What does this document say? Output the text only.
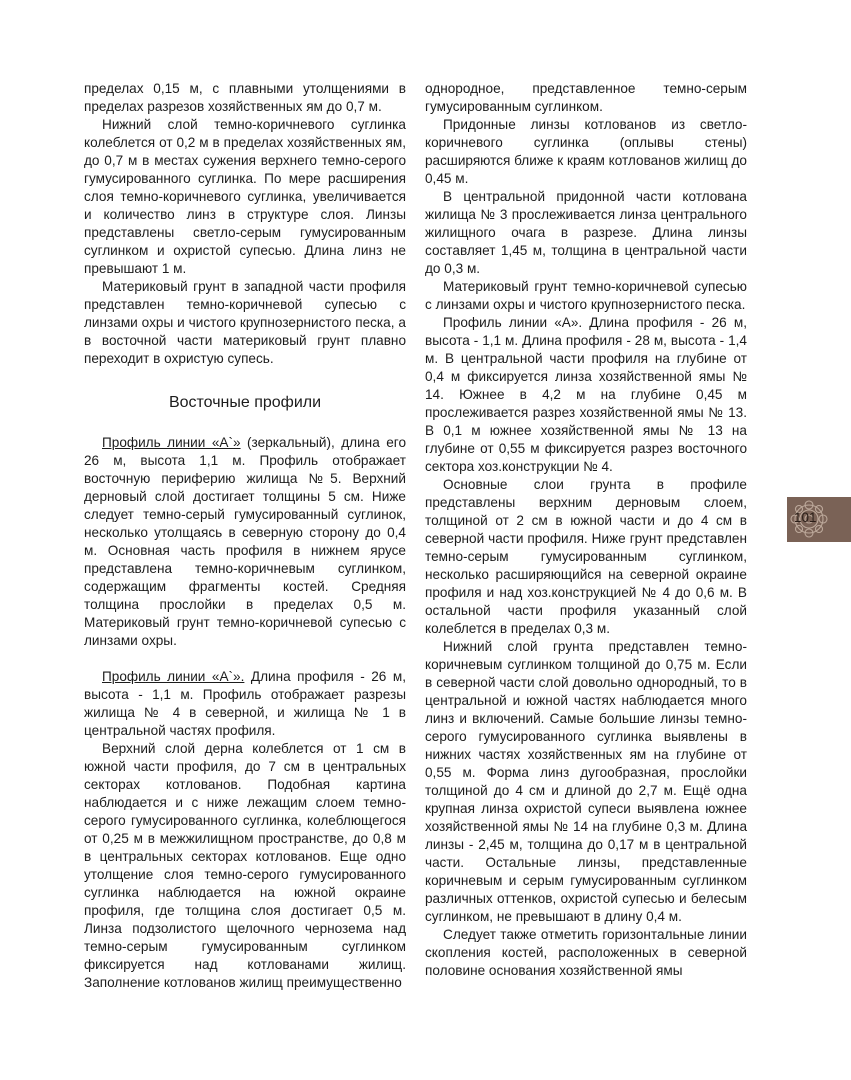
пределах 0,15 м, с плавными утолщениями в пределах разрезов хозяйственных ям до 0,7 м.

Нижний слой темно-коричневого суглинка колеблется от 0,2 м в пределах хозяйственных ям, до 0,7 м в местах сужения верхнего темно-серого гумусированного суглинка. По мере расширения слоя темно-коричневого суглинка, увеличивается и количество линз в структуре слоя. Линзы представлены светло-серым гумусированным суглинком и охристой супесью. Длина линз не превышают 1 м.

Материковый грунт в западной части профиля представлен темно-коричневой супесью с линзами охры и чистого крупнозернистого песка, а в восточной части материковый грунт плавно переходит в охристую супесь.

Восточные профили

Профиль линии «А`» (зеркальный), длина его 26 м, высота 1,1 м. Профиль отображает восточную периферию жилища №5. Верхний дерновый слой достигает толщины 5 см. Ниже следует темно-серый гумусированный суглинок, несколько утолщаясь в северную сторону до 0,4 м. Основная часть профиля в нижнем ярусе представлена темно-коричневым суглинком, содержащим фрагменты костей. Средняя толщина прослойки в пределах 0,5 м. Материковый грунт темно-коричневой супесью с линзами охры.

Профиль линии «А`». Длина профиля - 26 м, высота - 1,1 м. Профиль отображает разрезы жилища № 4 в северной, и жилища № 1 в центральной частях профиля.

Верхний слой дерна колеблется от 1 см в южной части профиля, до 7 см в центральных секторах котлованов. Подобная картина наблюдается и с ниже лежащим слоем темно-серого гумусированного суглинка, колеблющегося от 0,25 м в межжилищном пространстве, до 0,8 м в центральных секторах котлованов. Еще одно утолщение слоя темно-серого гумусированного суглинка наблюдается на южной окраине профиля, где толщина слоя достигает 0,5 м. Линза подзолистого щелочного чернозема над темно-серым гумусированным суглинком фиксируется над котлованами жилищ. Заполнение котлованов жилищ преимущественно

однородное, представленное темно-серым гумусированным суглинком.

Придонные линзы котлованов из светло-коричневого суглинка (оплывы стены) расширяются ближе к краям котлованов жилищ до 0,45 м.

В центральной придонной части котлована жилища № 3 прослеживается линза центрального жилищного очага в разрезе. Длина линзы составляет 1,45 м, толщина в центральной части до 0,3 м.

Материковый грунт темно-коричневой супесью с линзами охры и чистого крупнозернистого песка.

Профиль линии «А». Длина профиля - 26 м, высота - 1,1 м. Длина профиля - 28 м, высота - 1,4 м. В центральной части профиля на глубине от 0,4 м фиксируется линза хозяйственной ямы № 14. Южнее в 4,2 м на глубине 0,45 м прослеживается разрез хозяйственной ямы № 13. В 0,1 м южнее хозяйственной ямы № 13 на глубине от 0,55 м фиксируется разрез восточного сектора хоз.конструкции № 4.

Основные слои грунта в профиле представлены верхним дерновым слоем, толщиной от 2 см в южной части и до 4 см в северной части профиля. Ниже грунт представлен темно-серым гумусированным суглинком, несколько расширяющийся на северной окраине профиля и над хоз.конструкцией № 4 до 0,6 м. В остальной части профиля указанный слой колеблется в пределах 0,3 м.

Нижний слой грунта представлен темно-коричневым суглинком толщиной до 0,75 м. Если в северной части слой довольно однородный, то в центральной и южной частях наблюдается много линз и включений. Самые большие линзы темно-серого гумусированного суглинка выявлены в нижних частях хозяйственных ям на глубине от 0,55 м. Форма линз дугообразная, прослойки толщиной до 4 см и длиной до 2,7 м. Ещё одна крупная линза охристой супеси выявлена южнее хозяйственной ямы № 14 на глубине 0,3 м. Длина линзы - 2,45 м, толщина до 0,17 м в центральной части. Остальные линзы, представленные коричневым и серым гумусированным суглинком различных оттенков, охристой супесью и белесым суглинком, не превышают в длину 0,4 м.

Следует также отметить горизонтальные линии скопления костей, расположенных в северной половине основания хозяйственной ямы

101
